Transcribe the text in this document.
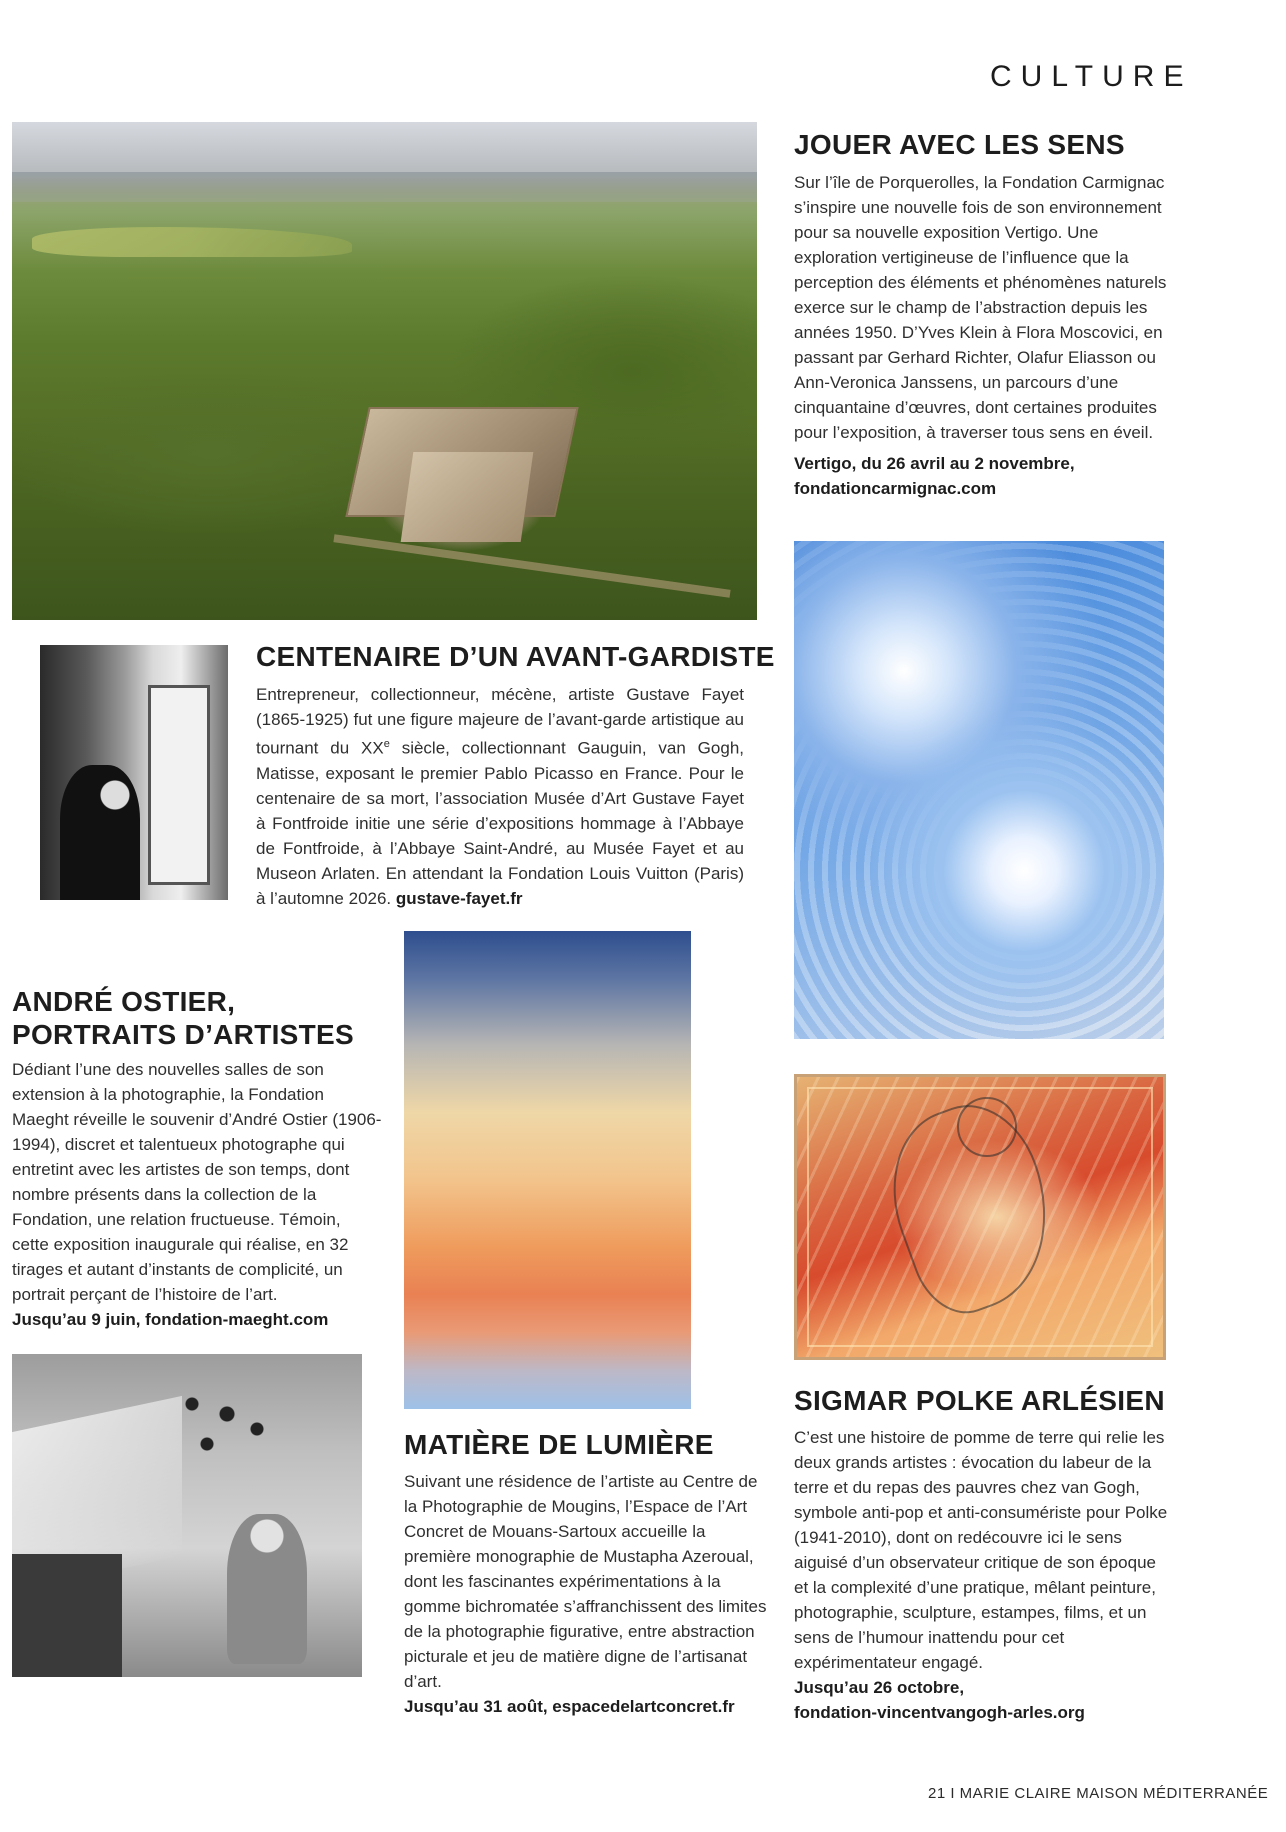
CULTURE
JOUER AVEC LES SENS
Sur l’île de Porquerolles, la Fondation Carmignac s’inspire une nouvelle fois de son environnement pour sa nouvelle exposition Vertigo. Une exploration vertigineuse de l’influence que la perception des éléments et phénomènes naturels exerce sur le champ de l’abstraction depuis les années 1950. D’Yves Klein à Flora Moscovici, en passant par Gerhard Richter, Olafur Eliasson ou Ann-Veronica Janssens, un parcours d’une cinquantaine d’œuvres, dont certaines produites pour l’exposition, à traverser tous sens en éveil.
Vertigo, du 26 avril au 2 novembre,
fondationcarmignac.com
CENTENAIRE D’UN AVANT-GARDISTE
Entrepreneur, collectionneur, mécène, artiste Gustave Fayet (1865-1925) fut une figure majeure de l’avant-garde artistique au tournant du XXe siècle, collectionnant Gauguin, van Gogh, Matisse, exposant le premier Pablo Picasso en France. Pour le centenaire de sa mort, l’association Musée d’Art Gustave Fayet à Fontfroide initie une série d’expositions hommage à l’Abbaye de Fontfroide, à l’Abbaye Saint-André, au Musée Fayet et au Museon Arlaten. En attendant la Fondation Louis Vuitton (Paris) à l’automne 2026. gustave-fayet.fr
ANDRÉ OSTIER,
PORTRAITS D’ARTISTES
Dédiant l’une des nouvelles salles de son extension à la photographie, la Fondation Maeght réveille le souvenir d’André Ostier (1906-1994), discret et talentueux photographe qui entretint avec les artistes de son temps, dont nombre présents dans la collection de la Fondation, une relation fructueuse. Témoin, cette exposition inaugurale qui réalise, en 32 tirages et autant d’instants de complicité, un portrait perçant de l’histoire de l’art.
Jusqu’au 9 juin, fondation-maeght.com
MATIÈRE DE LUMIÈRE
Suivant une résidence de l’artiste au Centre de la Photographie de Mougins, l’Espace de l’Art Concret de Mouans-Sartoux accueille la première monographie de Mustapha Azeroual, dont les fascinantes expérimentations à la gomme bichromatée s’affranchissent des limites de la photographie figurative, entre abstraction picturale et jeu de matière digne de l’artisanat d’art.
Jusqu’au 31 août, espacedelartconcret.fr
SIGMAR POLKE ARLÉSIEN
C’est une histoire de pomme de terre qui relie les deux grands artistes : évocation du labeur de la terre et du repas des pauvres chez van Gogh, symbole anti-pop et anti-consumériste pour Polke (1941-2010), dont on redécouvre ici le sens aiguisé d’un observateur critique de son époque et la complexité d’une pratique, mêlant peinture, photographie, sculpture, estampes, films, et un sens de l’humour inattendu pour cet expérimentateur engagé.
Jusqu’au 26 octobre,
fondation-vincentvangogh-arles.org
21 I MARIE CLAIRE MAISON MÉDITERRANÉE
